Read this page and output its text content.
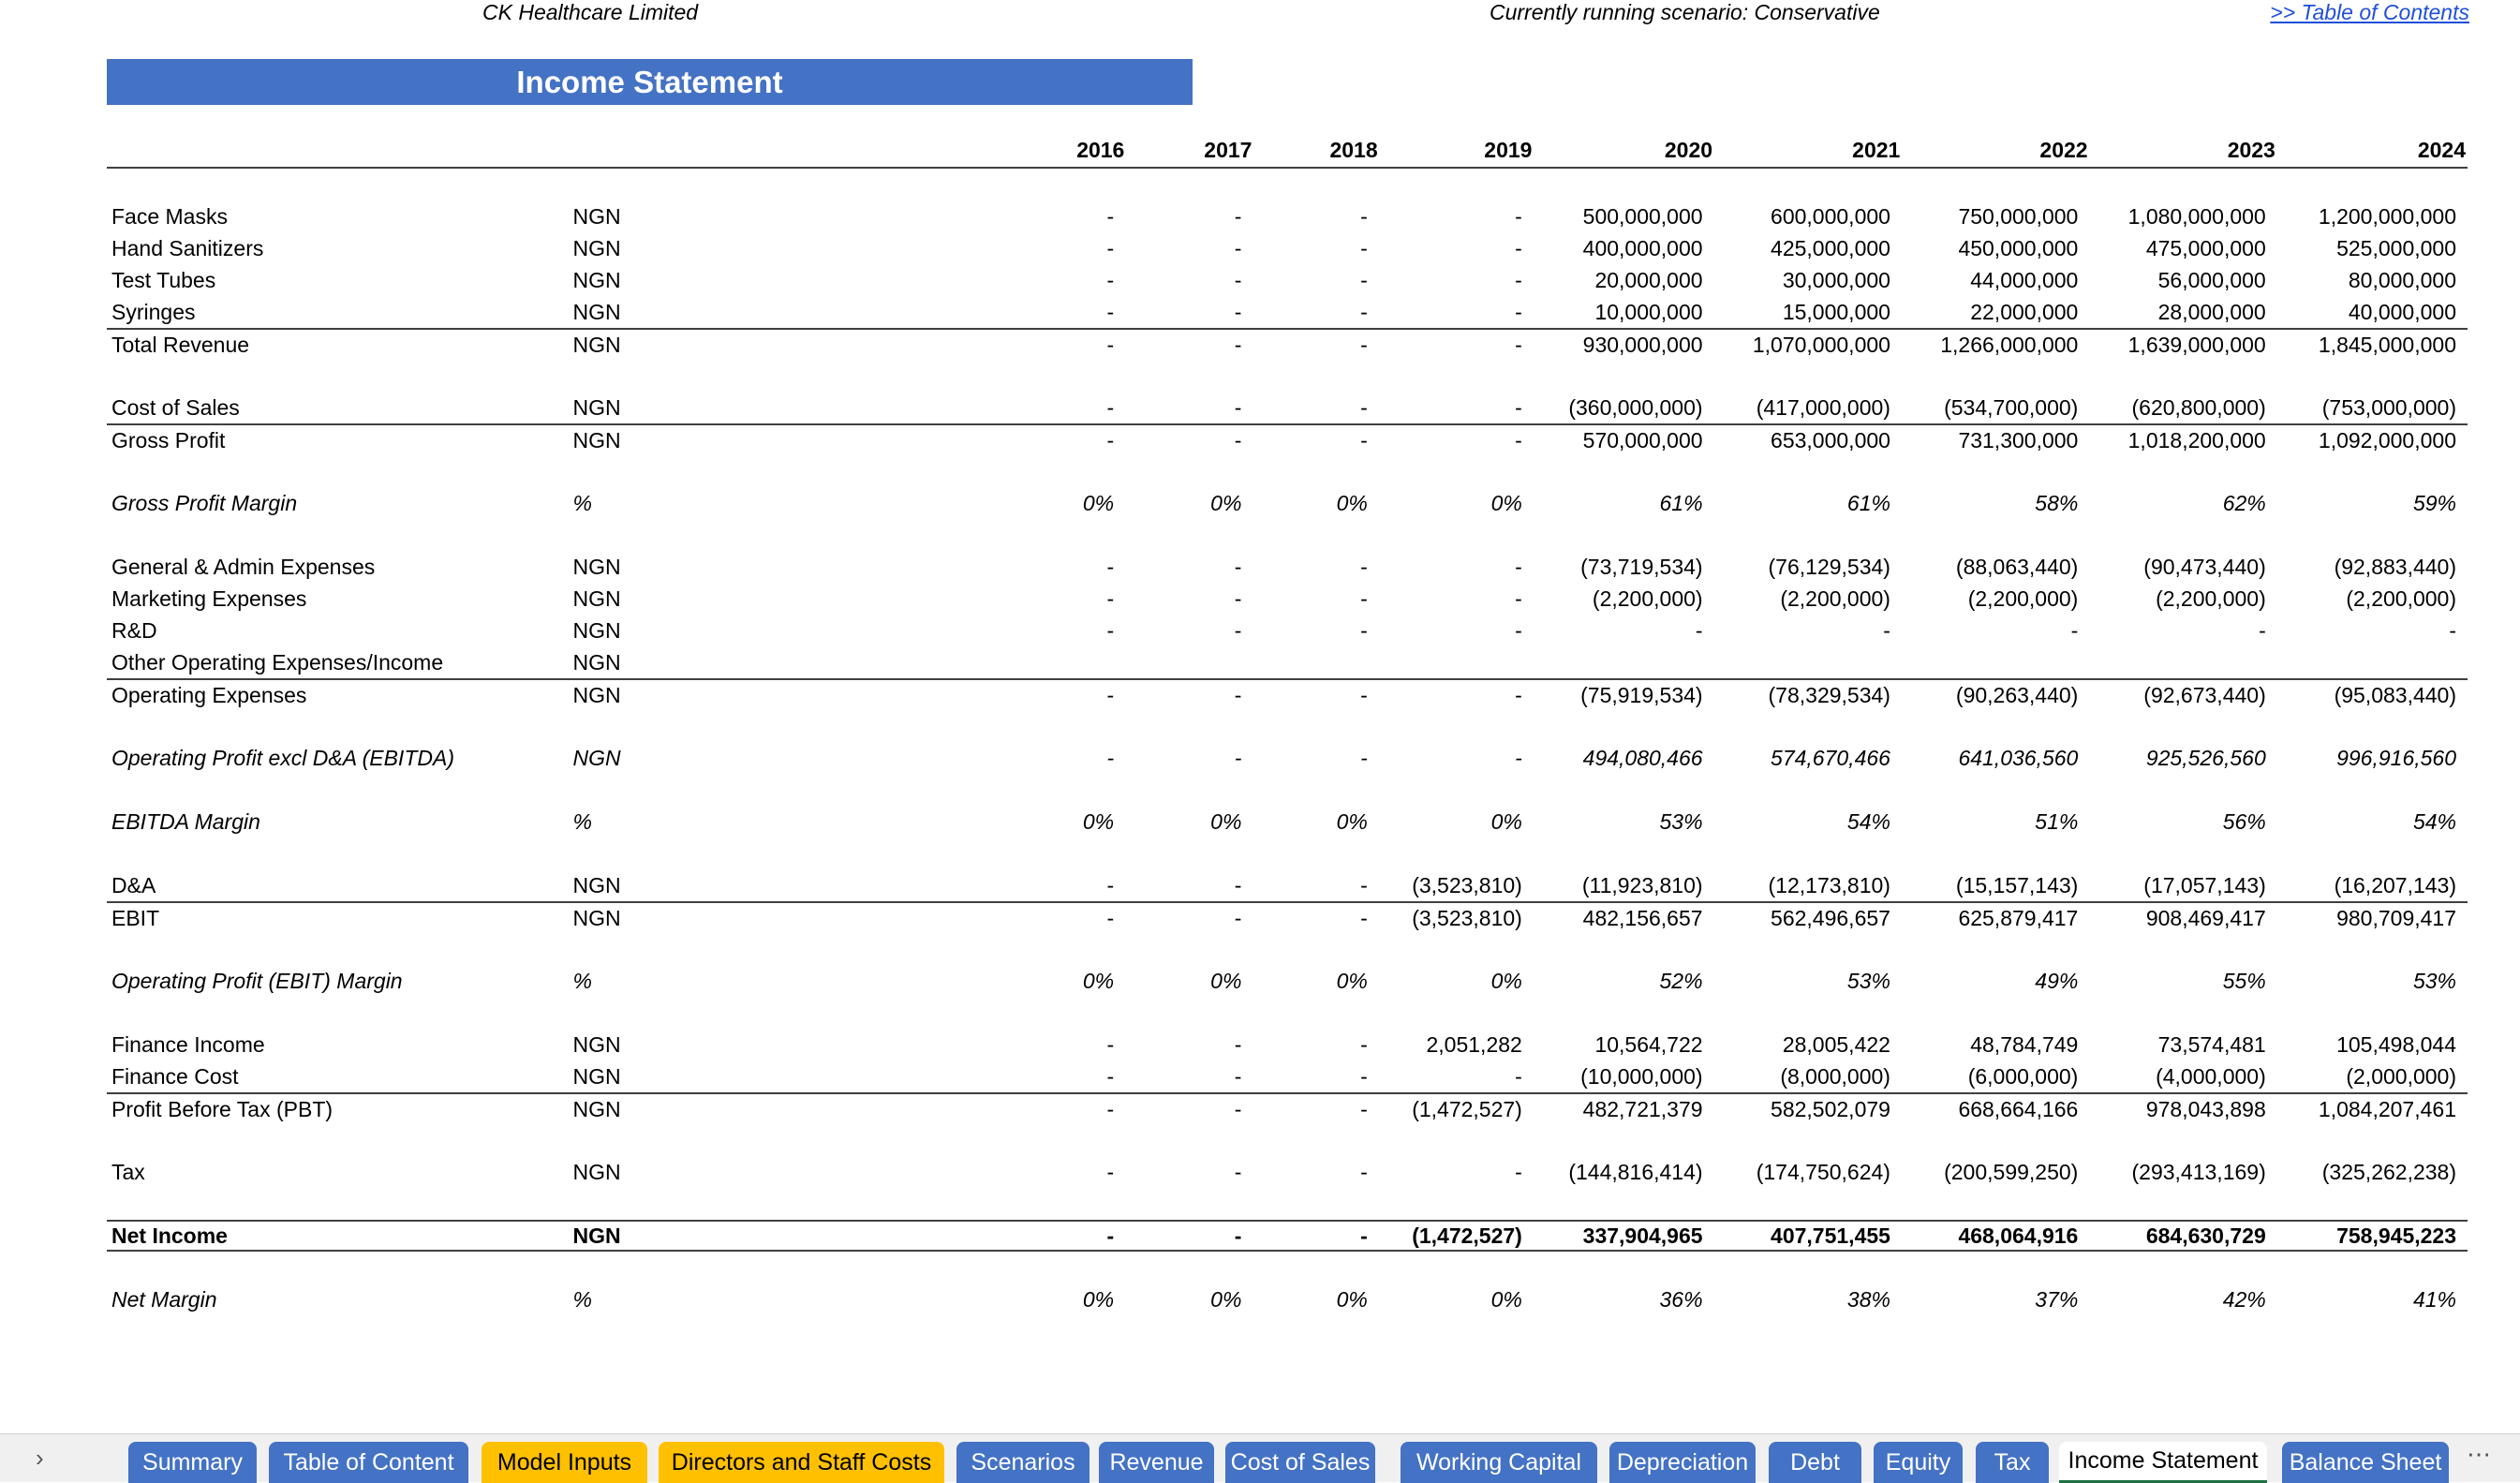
CK Healthcare Limited	Currently running scenario: Conservative	>> Table of Contents
Income Statement
2016	2017	2018	2019	2020	2021	2022	2023	2024
Face Masks	NGN	-	-	-	-	500,000,000	600,000,000	750,000,000	1,080,000,000	1,200,000,000
Hand Sanitizers	NGN	-	-	-	-	400,000,000	425,000,000	450,000,000	475,000,000	525,000,000
Test Tubes	NGN	-	-	-	-	20,000,000	30,000,000	44,000,000	56,000,000	80,000,000
Syringes	NGN	-	-	-	-	10,000,000	15,000,000	22,000,000	28,000,000	40,000,000
Total Revenue	NGN	-	-	-	-	930,000,000	1,070,000,000	1,266,000,000	1,639,000,000	1,845,000,000
Cost of Sales	NGN	-	-	-	-	(360,000,000)	(417,000,000)	(534,700,000)	(620,800,000)	(753,000,000)
Gross Profit	NGN	-	-	-	-	570,000,000	653,000,000	731,300,000	1,018,200,000	1,092,000,000
Gross Profit Margin	%	0%	0%	0%	0%	61%	61%	58%	62%	59%
General & Admin Expenses	NGN	-	-	-	-	(73,719,534)	(76,129,534)	(88,063,440)	(90,473,440)	(92,883,440)
Marketing Expenses	NGN	-	-	-	-	(2,200,000)	(2,200,000)	(2,200,000)	(2,200,000)	(2,200,000)
R&D	NGN	-	-	-	-	-	-	-	-	-
Other Operating Expenses/Income	NGN
Operating Expenses	NGN	-	-	-	-	(75,919,534)	(78,329,534)	(90,263,440)	(92,673,440)	(95,083,440)
Operating Profit excl D&A (EBITDA)	NGN	-	-	-	-	494,080,466	574,670,466	641,036,560	925,526,560	996,916,560
EBITDA Margin	%	0%	0%	0%	0%	53%	54%	51%	56%	54%
D&A	NGN	-	-	-	(3,523,810)	(11,923,810)	(12,173,810)	(15,157,143)	(17,057,143)	(16,207,143)
EBIT	NGN	-	-	-	(3,523,810)	482,156,657	562,496,657	625,879,417	908,469,417	980,709,417
Operating Profit (EBIT) Margin	%	0%	0%	0%	0%	52%	53%	49%	55%	53%
Finance Income	NGN	-	-	-	2,051,282	10,564,722	28,005,422	48,784,749	73,574,481	105,498,044
Finance Cost	NGN	-	-	-	-	(10,000,000)	(8,000,000)	(6,000,000)	(4,000,000)	(2,000,000)
Profit Before Tax (PBT)	NGN	-	-	-	(1,472,527)	482,721,379	582,502,079	668,664,166	978,043,898	1,084,207,461
Tax	NGN	-	-	-	-	(144,816,414)	(174,750,624)	(200,599,250)	(293,413,169)	(325,262,238)
Net Income	NGN	-	-	-	(1,472,527)	337,904,965	407,751,455	468,064,916	684,630,729	758,945,223
Net Margin	%	0%	0%	0%	0%	36%	38%	37%	42%	41%
›	Summary	Table of Content	Model Inputs	Directors and Staff Costs	Scenarios	Revenue	Cost of Sales	Working Capital	Depreciation	Debt	Equity	Tax	Income Statement	Balance Sheet ⋯
